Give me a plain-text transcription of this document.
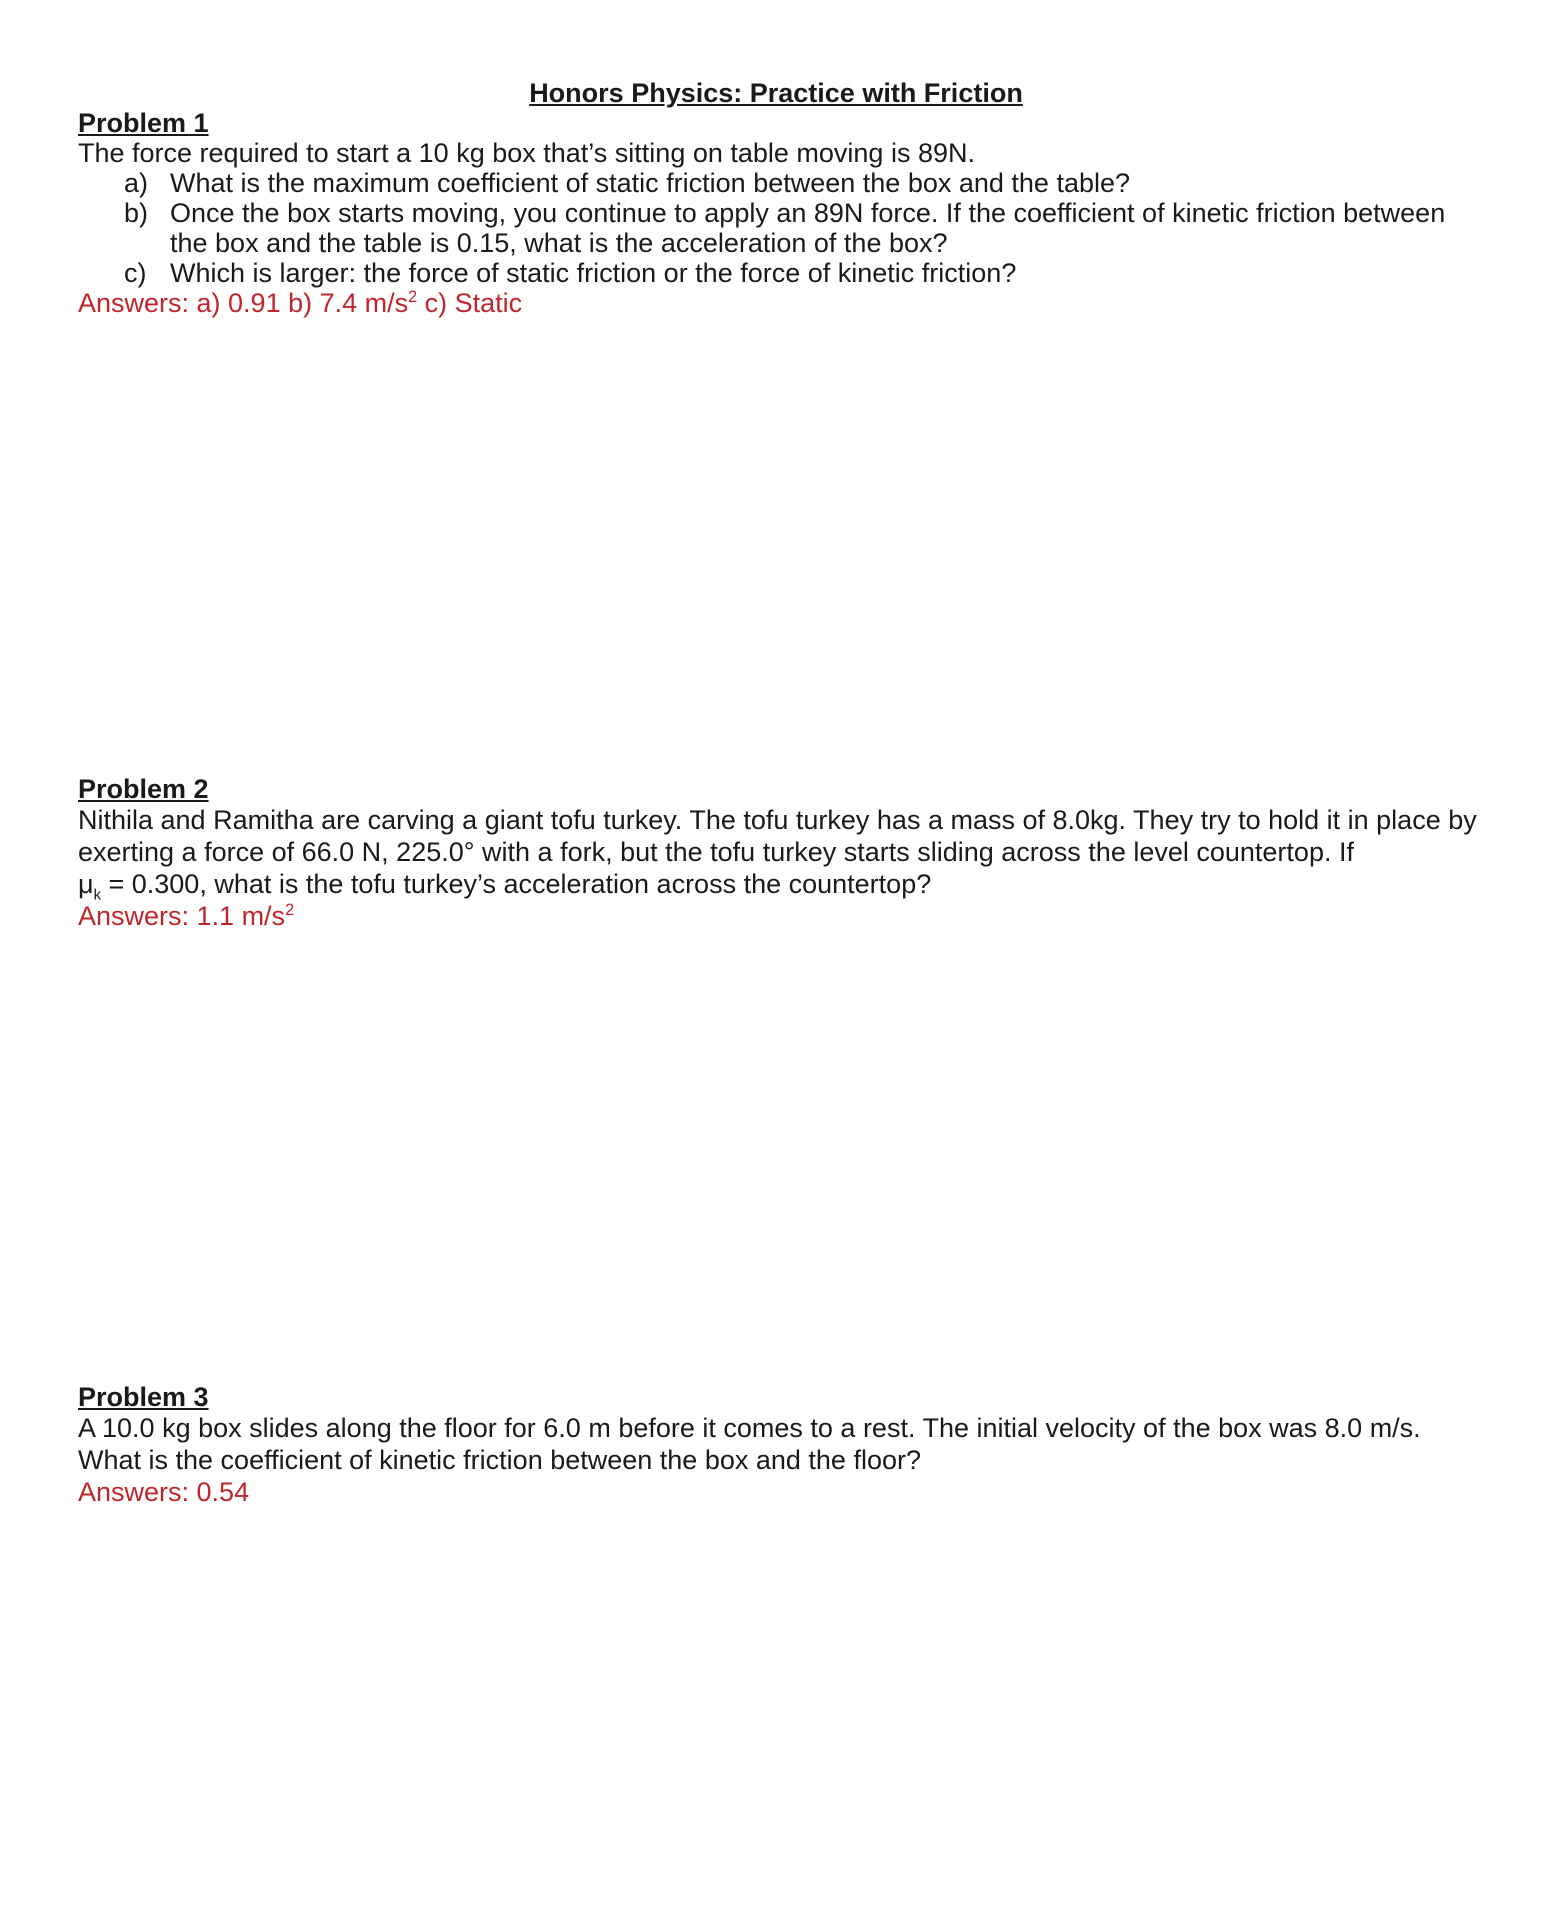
Honors Physics: Practice with Friction
Problem 1
The force required to start a 10 kg box that’s sitting on table moving is 89N.
a) What is the maximum coefficient of static friction between the box and the table?
b) Once the box starts moving, you continue to apply an 89N force. If the coefficient of kinetic friction between the box and the table is 0.15, what is the acceleration of the box?
c) Which is larger: the force of static friction or the force of kinetic friction?
Answers: a) 0.91 b) 7.4 $m/s^2$ c) Static
Problem 2
Nithila and Ramitha are carving a giant tofu turkey. The tofu turkey has a mass of 8.0kg. They try to hold it in place by exerting a force of 66.0 N, 225.0° with a fork, but the tofu turkey starts sliding across the level countertop. If
$\mu_k = 0.300$, what is the tofu turkey’s acceleration across the countertop?
Answers: 1.1 $m/s^2$
Problem 3
A 10.0 kg box slides along the floor for 6.0 m before it comes to a rest. The initial velocity of the box was 8.0 m/s. What is the coefficient of kinetic friction between the box and the floor?
Answers: 0.54
